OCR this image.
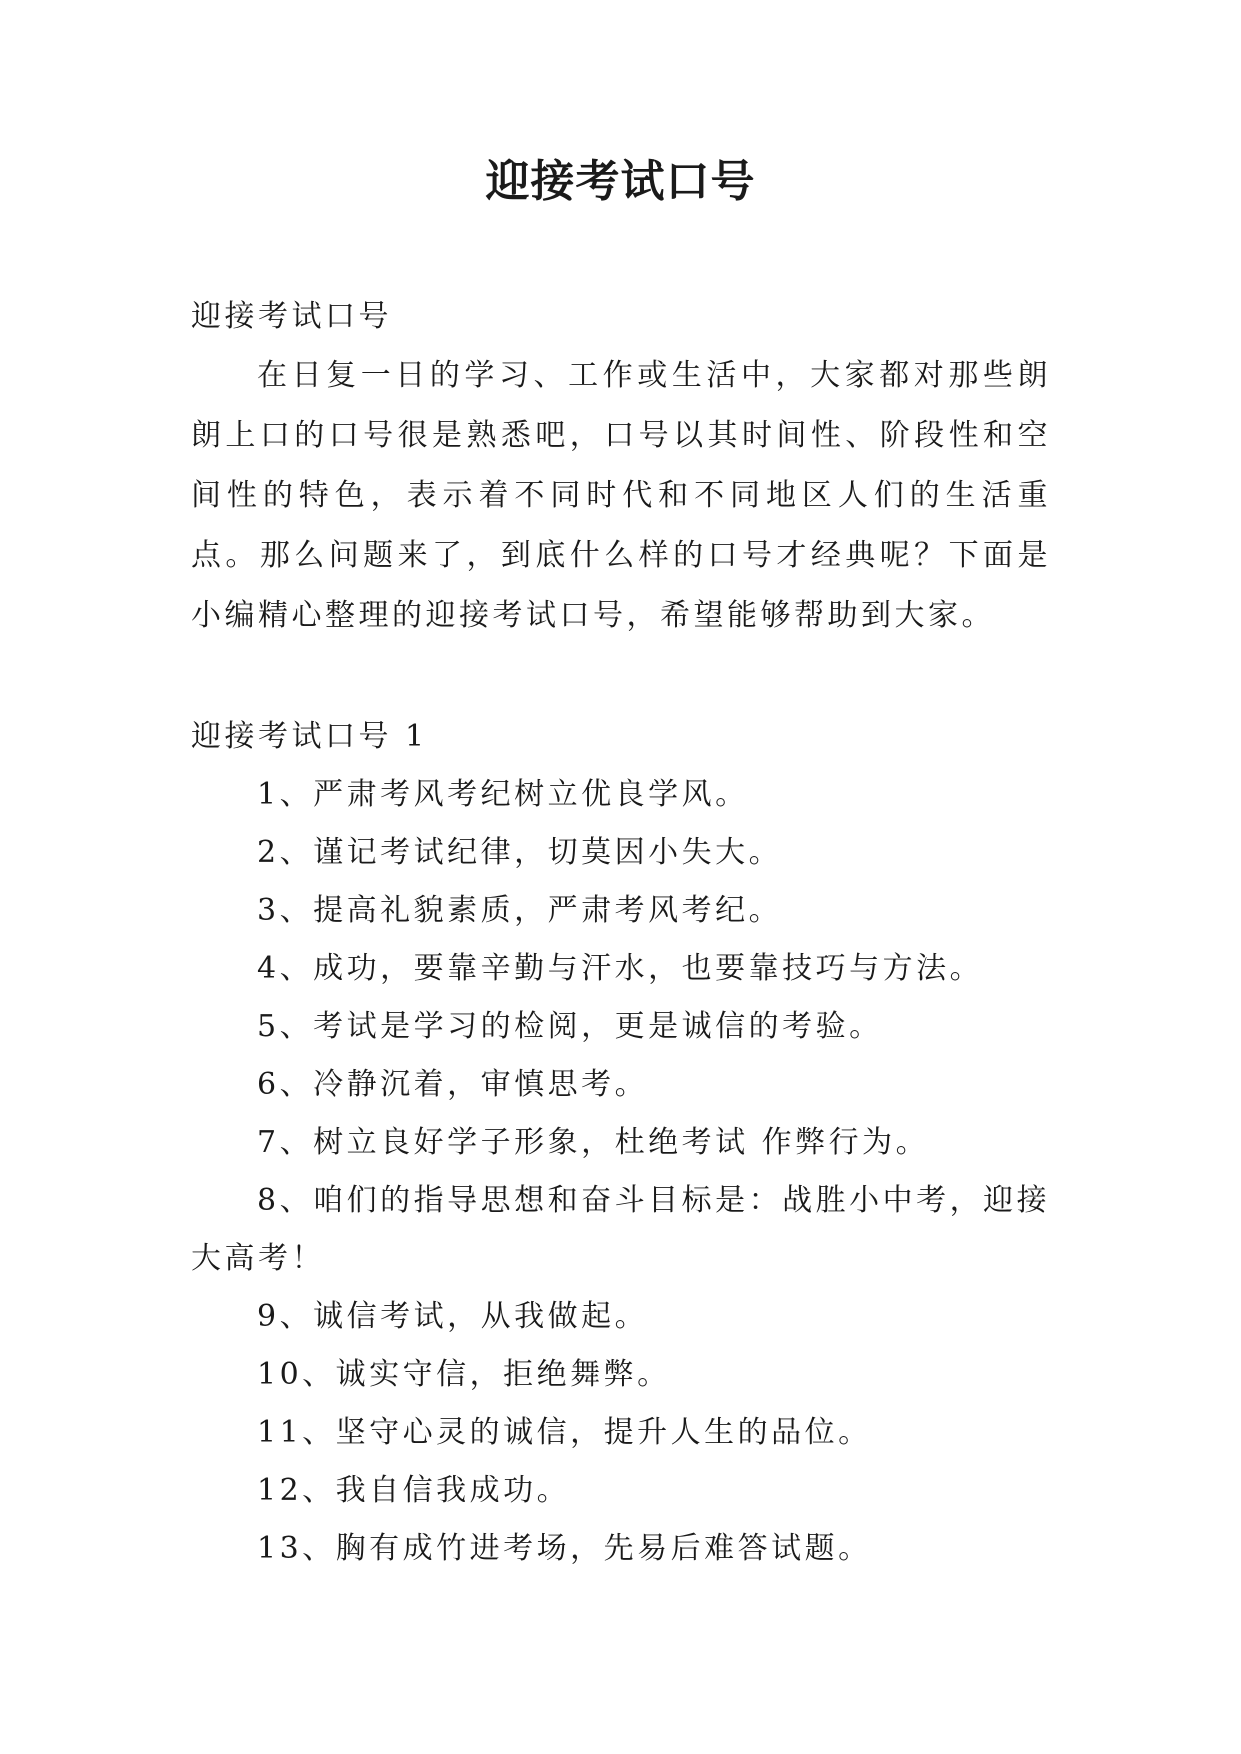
迎接考试口号

迎接考试口号

在日复一日的学习、工作或生活中，大家都对那些朗朗上口的口号很是熟悉吧，口号以其时间性、阶段性和空间性的特色，表示着不同时代和不同地区人们的生活重点。那么问题来了，到底什么样的口号才经典呢？下面是小编精心整理的迎接考试口号，希望能够帮助到大家。

迎接考试口号 1

1、严肃考风考纪树立优良学风。

2、谨记考试纪律，切莫因小失大。

3、提高礼貌素质，严肃考风考纪。

4、成功，要靠辛勤与汗水，也要靠技巧与方法。

5、考试是学习的检阅，更是诚信的考验。

6、冷静沉着，审慎思考。

7、树立良好学子形象，杜绝考试 作弊行为。

8、咱们的指导思想和奋斗目标是：战胜小中考，迎接大高考！

9、诚信考试，从我做起。

10、诚实守信，拒绝舞弊。

11、坚守心灵的诚信，提升人生的品位。

12、我自信我成功。

13、胸有成竹进考场，先易后难答试题。
